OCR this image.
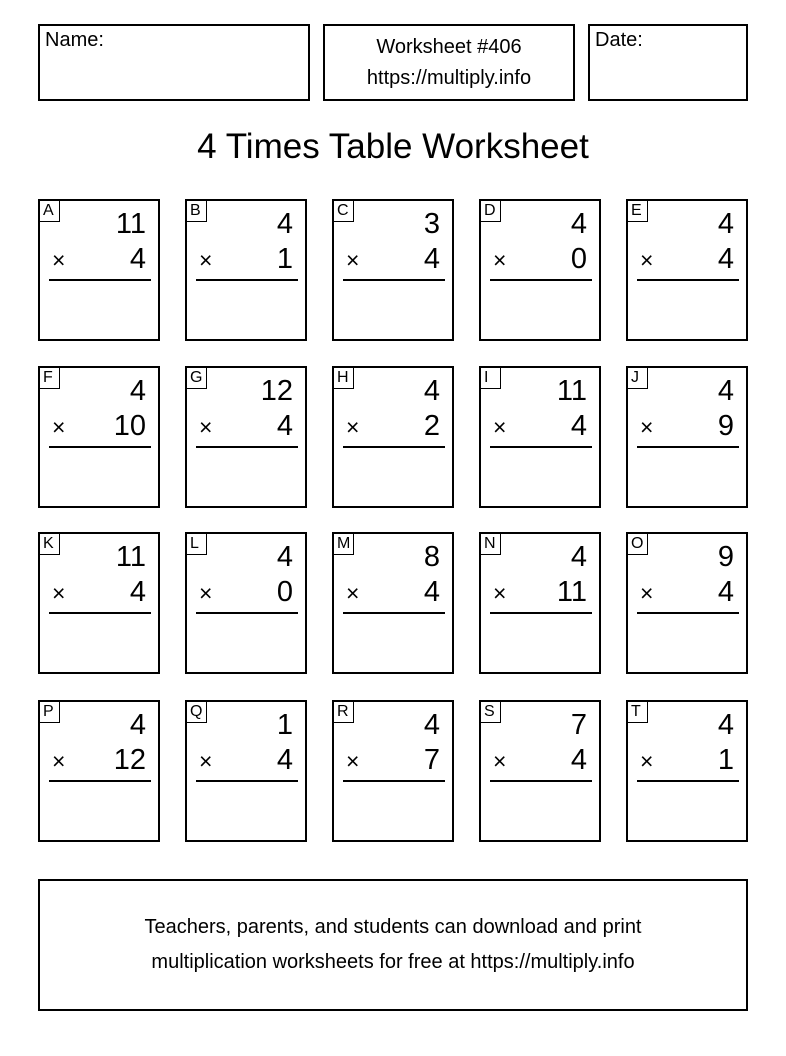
Name:	Worksheet #406
https://multiply.info
Date:
4 Times Table Worksheet
A 11
× 4
B	4
× 1
C	3
× 4
D	4
× 0
E	4
× 4
F	4
× 10
G 12
× 4
H	4
× 2
I	11
× 4
J	4
× 9
K 11
× 4
L	4
× 0
M	8
× 4
N	4
× 11
O	9
× 4
P	4
× 12
Q	1
× 4
R	4
× 7
S	7
× 4
T	4
× 1
Teachers, parents, and students can download and print
multiplication worksheets for free at https://multiply.info
